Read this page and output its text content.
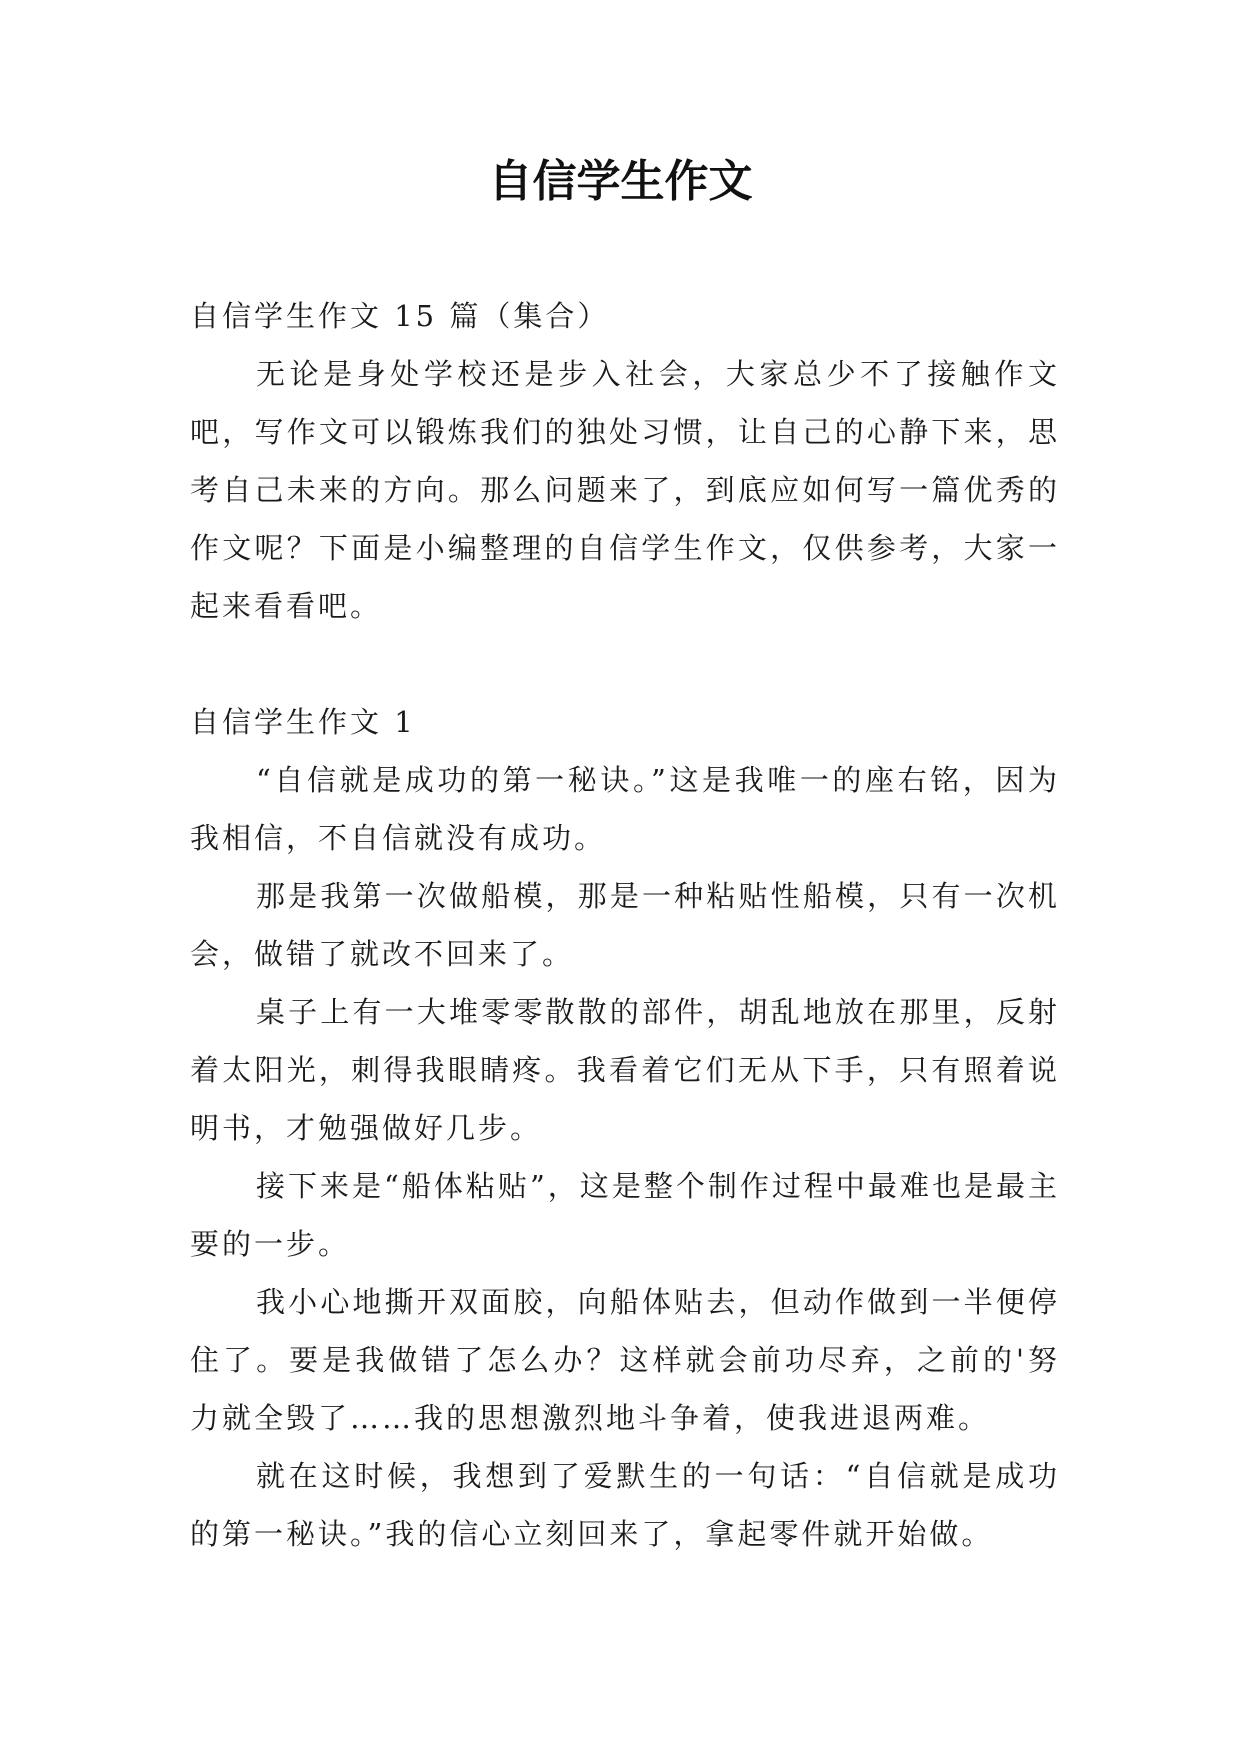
自信学生作文

自信学生作文 15 篇（集合）

无论是身处学校还是步入社会，大家总少不了接触作文吧，写作文可以锻炼我们的独处习惯，让自己的心静下来，思考自己未来的方向。那么问题来了，到底应如何写一篇优秀的作文呢？下面是小编整理的自信学生作文，仅供参考，大家一起来看看吧。

自信学生作文 1

“自信就是成功的第一秘诀。”这是我唯一的座右铭，因为我相信，不自信就没有成功。

那是我第一次做船模，那是一种粘贴性船模，只有一次机会，做错了就改不回来了。

桌子上有一大堆零零散散的部件，胡乱地放在那里，反射着太阳光，刺得我眼睛疼。我看着它们无从下手，只有照着说明书，才勉强做好几步。

接下来是“船体粘贴”，这是整个制作过程中最难也是最主要的一步。

我小心地撕开双面胶，向船体贴去，但动作做到一半便停住了。要是我做错了怎么办？这样就会前功尽弃，之前的'努力就全毁了……我的思想激烈地斗争着，使我进退两难。

就在这时候，我想到了爱默生的一句话：“自信就是成功的第一秘诀。”我的信心立刻回来了，拿起零件就开始做。
